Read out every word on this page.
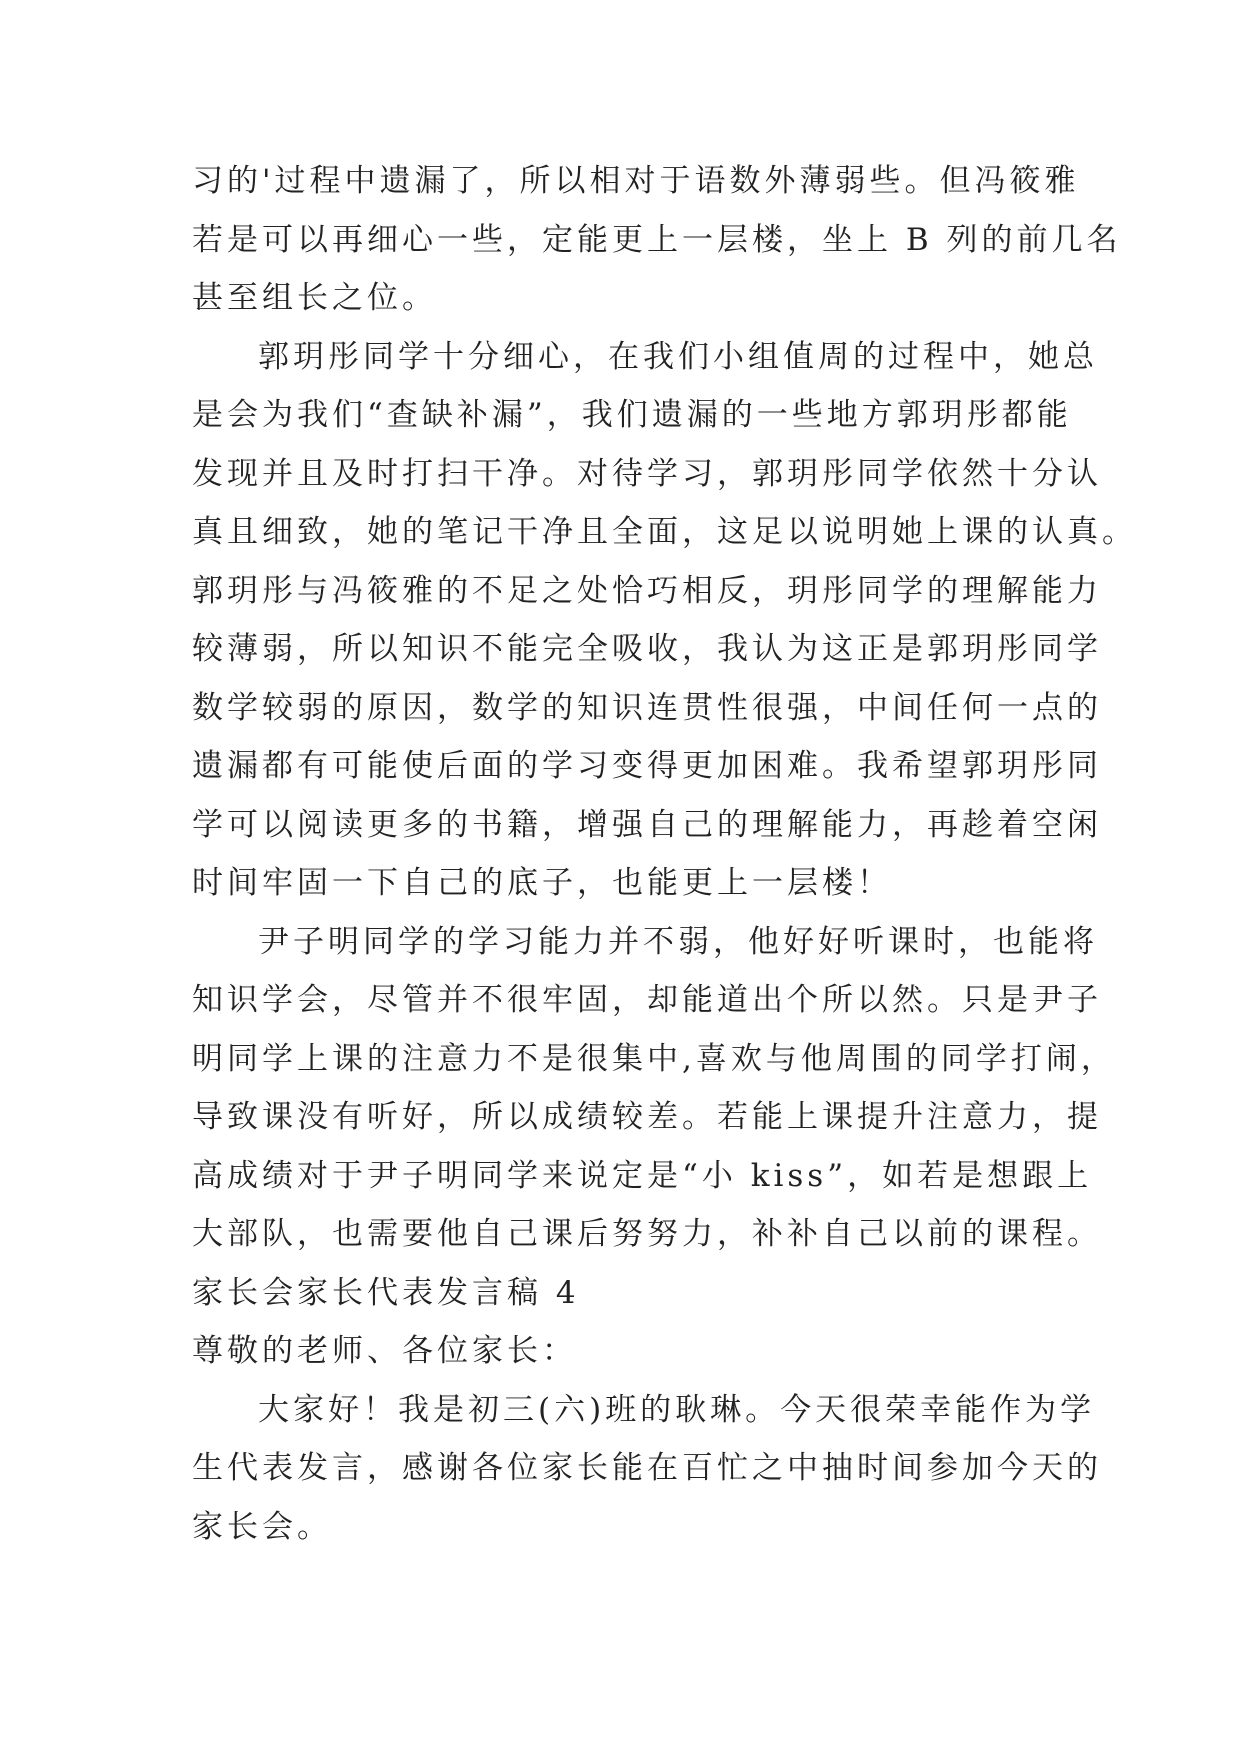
习的'过程中遗漏了，所以相对于语数外薄弱些。但冯筱雅
若是可以再细心一些，定能更上一层楼，坐上 B 列的前几名
甚至组长之位。
郭玥彤同学十分细心，在我们小组值周的过程中，她总
是会为我们“查缺补漏”，我们遗漏的一些地方郭玥彤都能
发现并且及时打扫干净。对待学习，郭玥彤同学依然十分认
真且细致，她的笔记干净且全面，这足以说明她上课的认真。
郭玥彤与冯筱雅的不足之处恰巧相反，玥彤同学的理解能力
较薄弱，所以知识不能完全吸收，我认为这正是郭玥彤同学
数学较弱的原因，数学的知识连贯性很强，中间任何一点的
遗漏都有可能使后面的学习变得更加困难。我希望郭玥彤同
学可以阅读更多的书籍，增强自己的理解能力，再趁着空闲
时间牢固一下自己的底子，也能更上一层楼！
尹子明同学的学习能力并不弱，他好好听课时，也能将
知识学会，尽管并不很牢固，却能道出个所以然。只是尹子
明同学上课的注意力不是很集中,喜欢与他周围的同学打闹，
导致课没有听好，所以成绩较差。若能上课提升注意力，提
高成绩对于尹子明同学来说定是“小 kiss”，如若是想跟上
大部队，也需要他自己课后努努力，补补自己以前的课程。
家长会家长代表发言稿 4
尊敬的老师、各位家长：
大家好！我是初三(六)班的耿琳。今天很荣幸能作为学
生代表发言，感谢各位家长能在百忙之中抽时间参加今天的
家长会。
